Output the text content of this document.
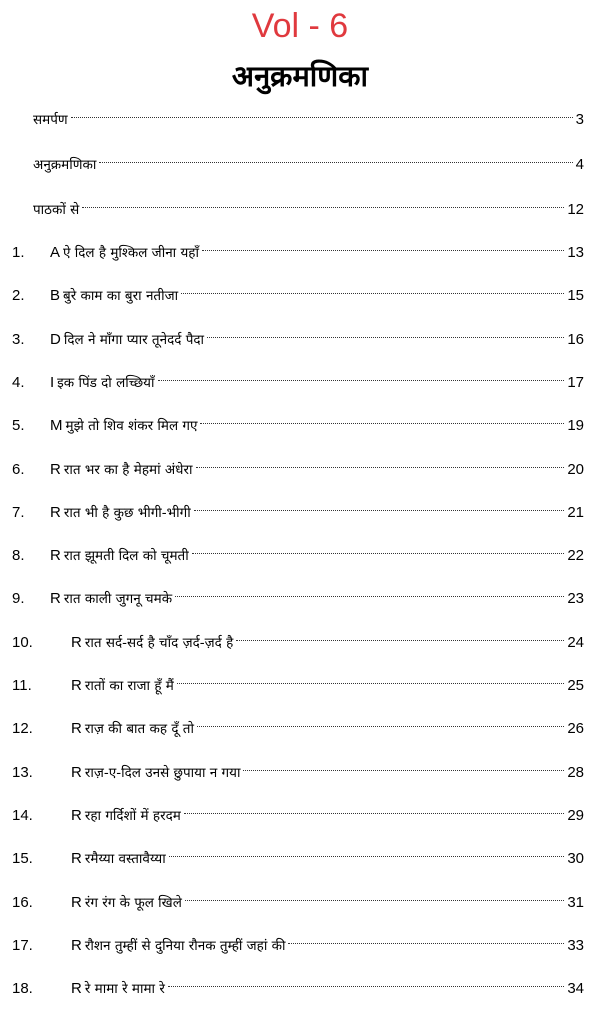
Vol - 6
अनुक्रमणिका
समर्पण	3
अनुक्रमणिका	4
पाठकों से	12
1. A ऐ दिल है मुश्किल जीना यहाँ	13
2. B बुरे काम का बुरा नतीजा	15
3. D दिल ने माँगा प्यार तूनेदर्द पैदा	16
4. I इक पिंड दो लच्छियाँ	17
5. M मुझे तो शिव शंकर मिल गए	19
6. R रात भर का है मेहमां अंधेरा	20
7. R रात भी है कुछ भीगी-भीगी	21
8. R रात झूमती दिल को चूमती	22
9. R रात काली जुगनू चमके	23
10.	R रात सर्द-सर्द है चाँद ज़र्द-ज़र्द है	24
11.	R रातों का राजा हूँ मैं	25
12.	R राज़ की बात कह दूँ तो	26
13.	R राज़-ए-दिल उनसे छुपाया न गया	28
14.	R रहा गर्दिशों में हरदम	29
15.	R रमैय्या वस्तावैय्या	30
16.	R रंग रंग के फूल खिले	31
17.	R रौशन तुम्हीं से दुनिया रौनक तुम्हीं जहां की	33
18.	R रे मामा रे मामा रे	34
